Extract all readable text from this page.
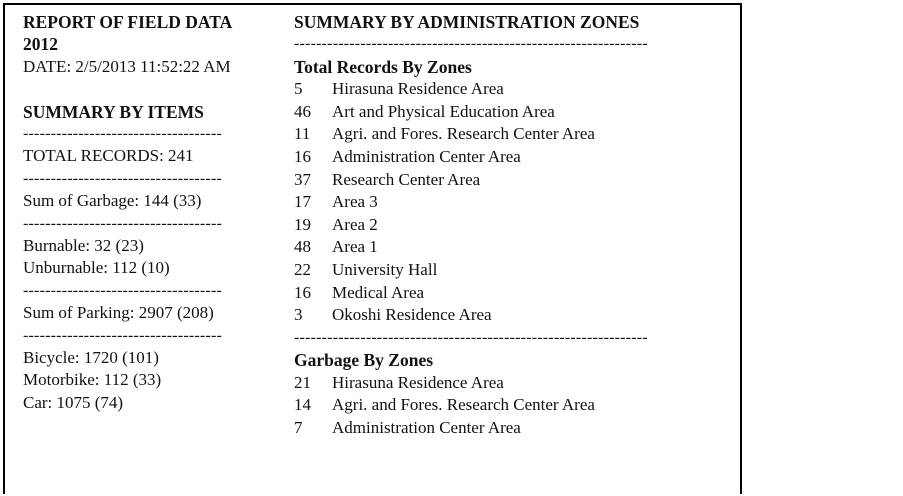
REPORT OF FIELD DATA
2012
DATE: 2/5/2013 11:52:22 AM
SUMMARY BY ITEMS
------------------------------------
TOTAL RECORDS: 241
------------------------------------
Sum of Garbage: 144 (33)
------------------------------------
Burnable: 32 (23)
Unburnable: 112 (10)
------------------------------------
Sum of Parking: 2907 (208)
------------------------------------
Bicycle: 1720 (101)
Motorbike: 112 (33)
Car: 1075 (74)
SUMMARY BY ADMINISTRATION ZONES
----------------------------------------------------------------
Total Records By Zones
5	Hirasuna Residence Area
46	Art and Physical Education Area
11	Agri. and Fores. Research Center Area
16	Administration Center Area
37	Research Center Area
17	Area 3
19	Area 2
48	Area 1
22	University Hall
16	Medical Area
3	Okoshi Residence Area
----------------------------------------------------------------
Garbage By Zones
21	Hirasuna Residence Area
14	Agri. and Fores. Research Center Area
7	Administration Center Area
